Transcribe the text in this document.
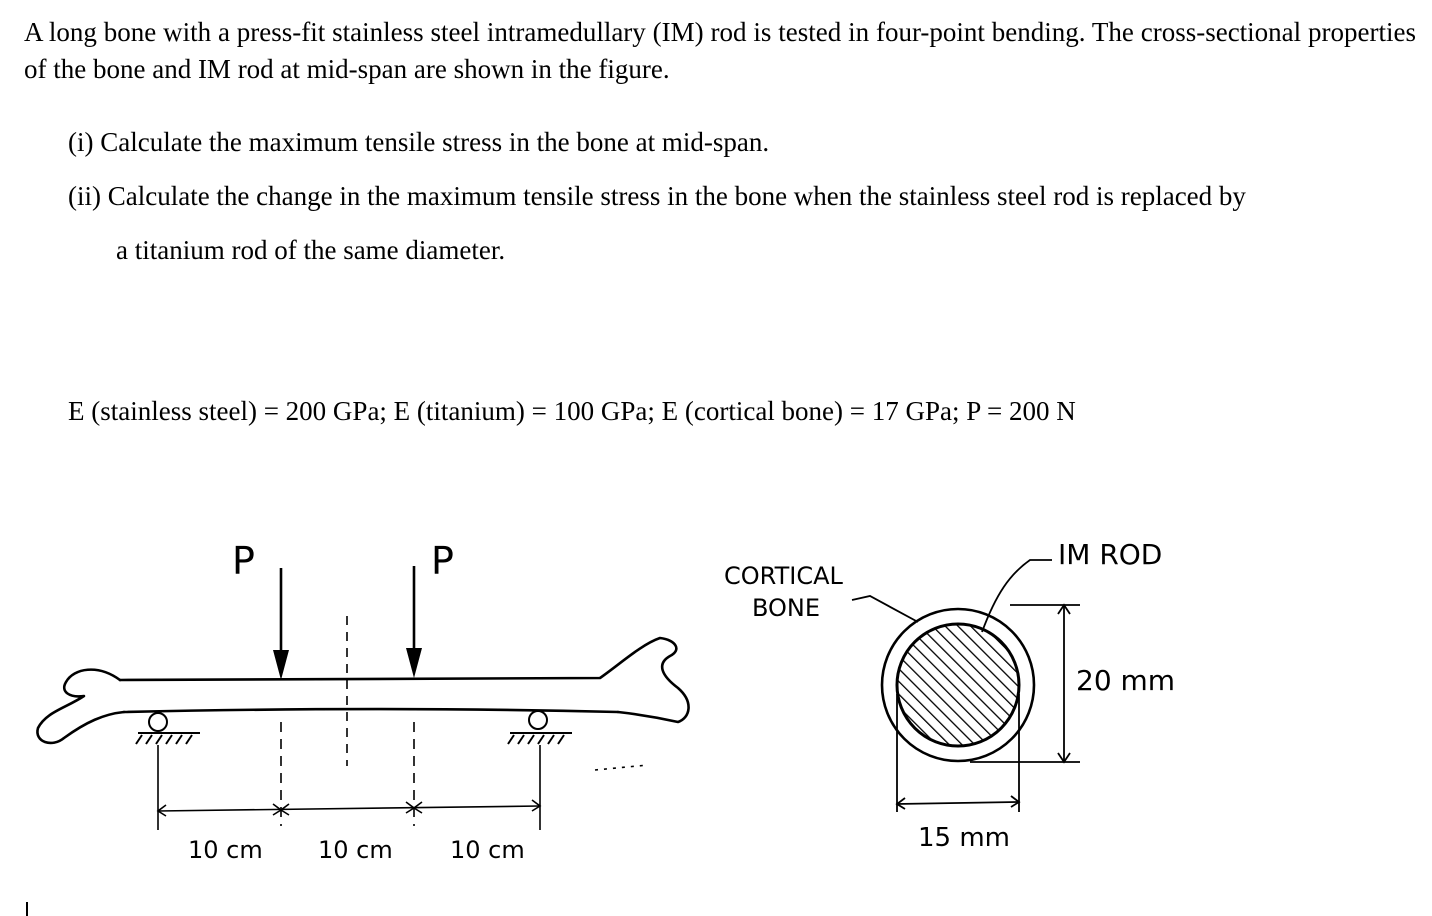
A long bone with a press-fit stainless steel intramedullary (IM) rod is tested in four-point bending. The cross-sectional properties of the bone and IM rod at mid-span are shown in the figure.
(i) Calculate the maximum tensile stress in the bone at mid-span.
(ii) Calculate the change in the maximum tensile stress in the bone when the stainless steel rod is replaced by
a titanium rod of the same diameter.
E (stainless steel) = 200 GPa; E (titanium) = 100 GPa; E (cortical bone) = 17 GPa; P = 200 N
P	P
10 cm 10 cm 10 cm
CORTICAL
BONE
IM ROD
20 mm
15 mm
